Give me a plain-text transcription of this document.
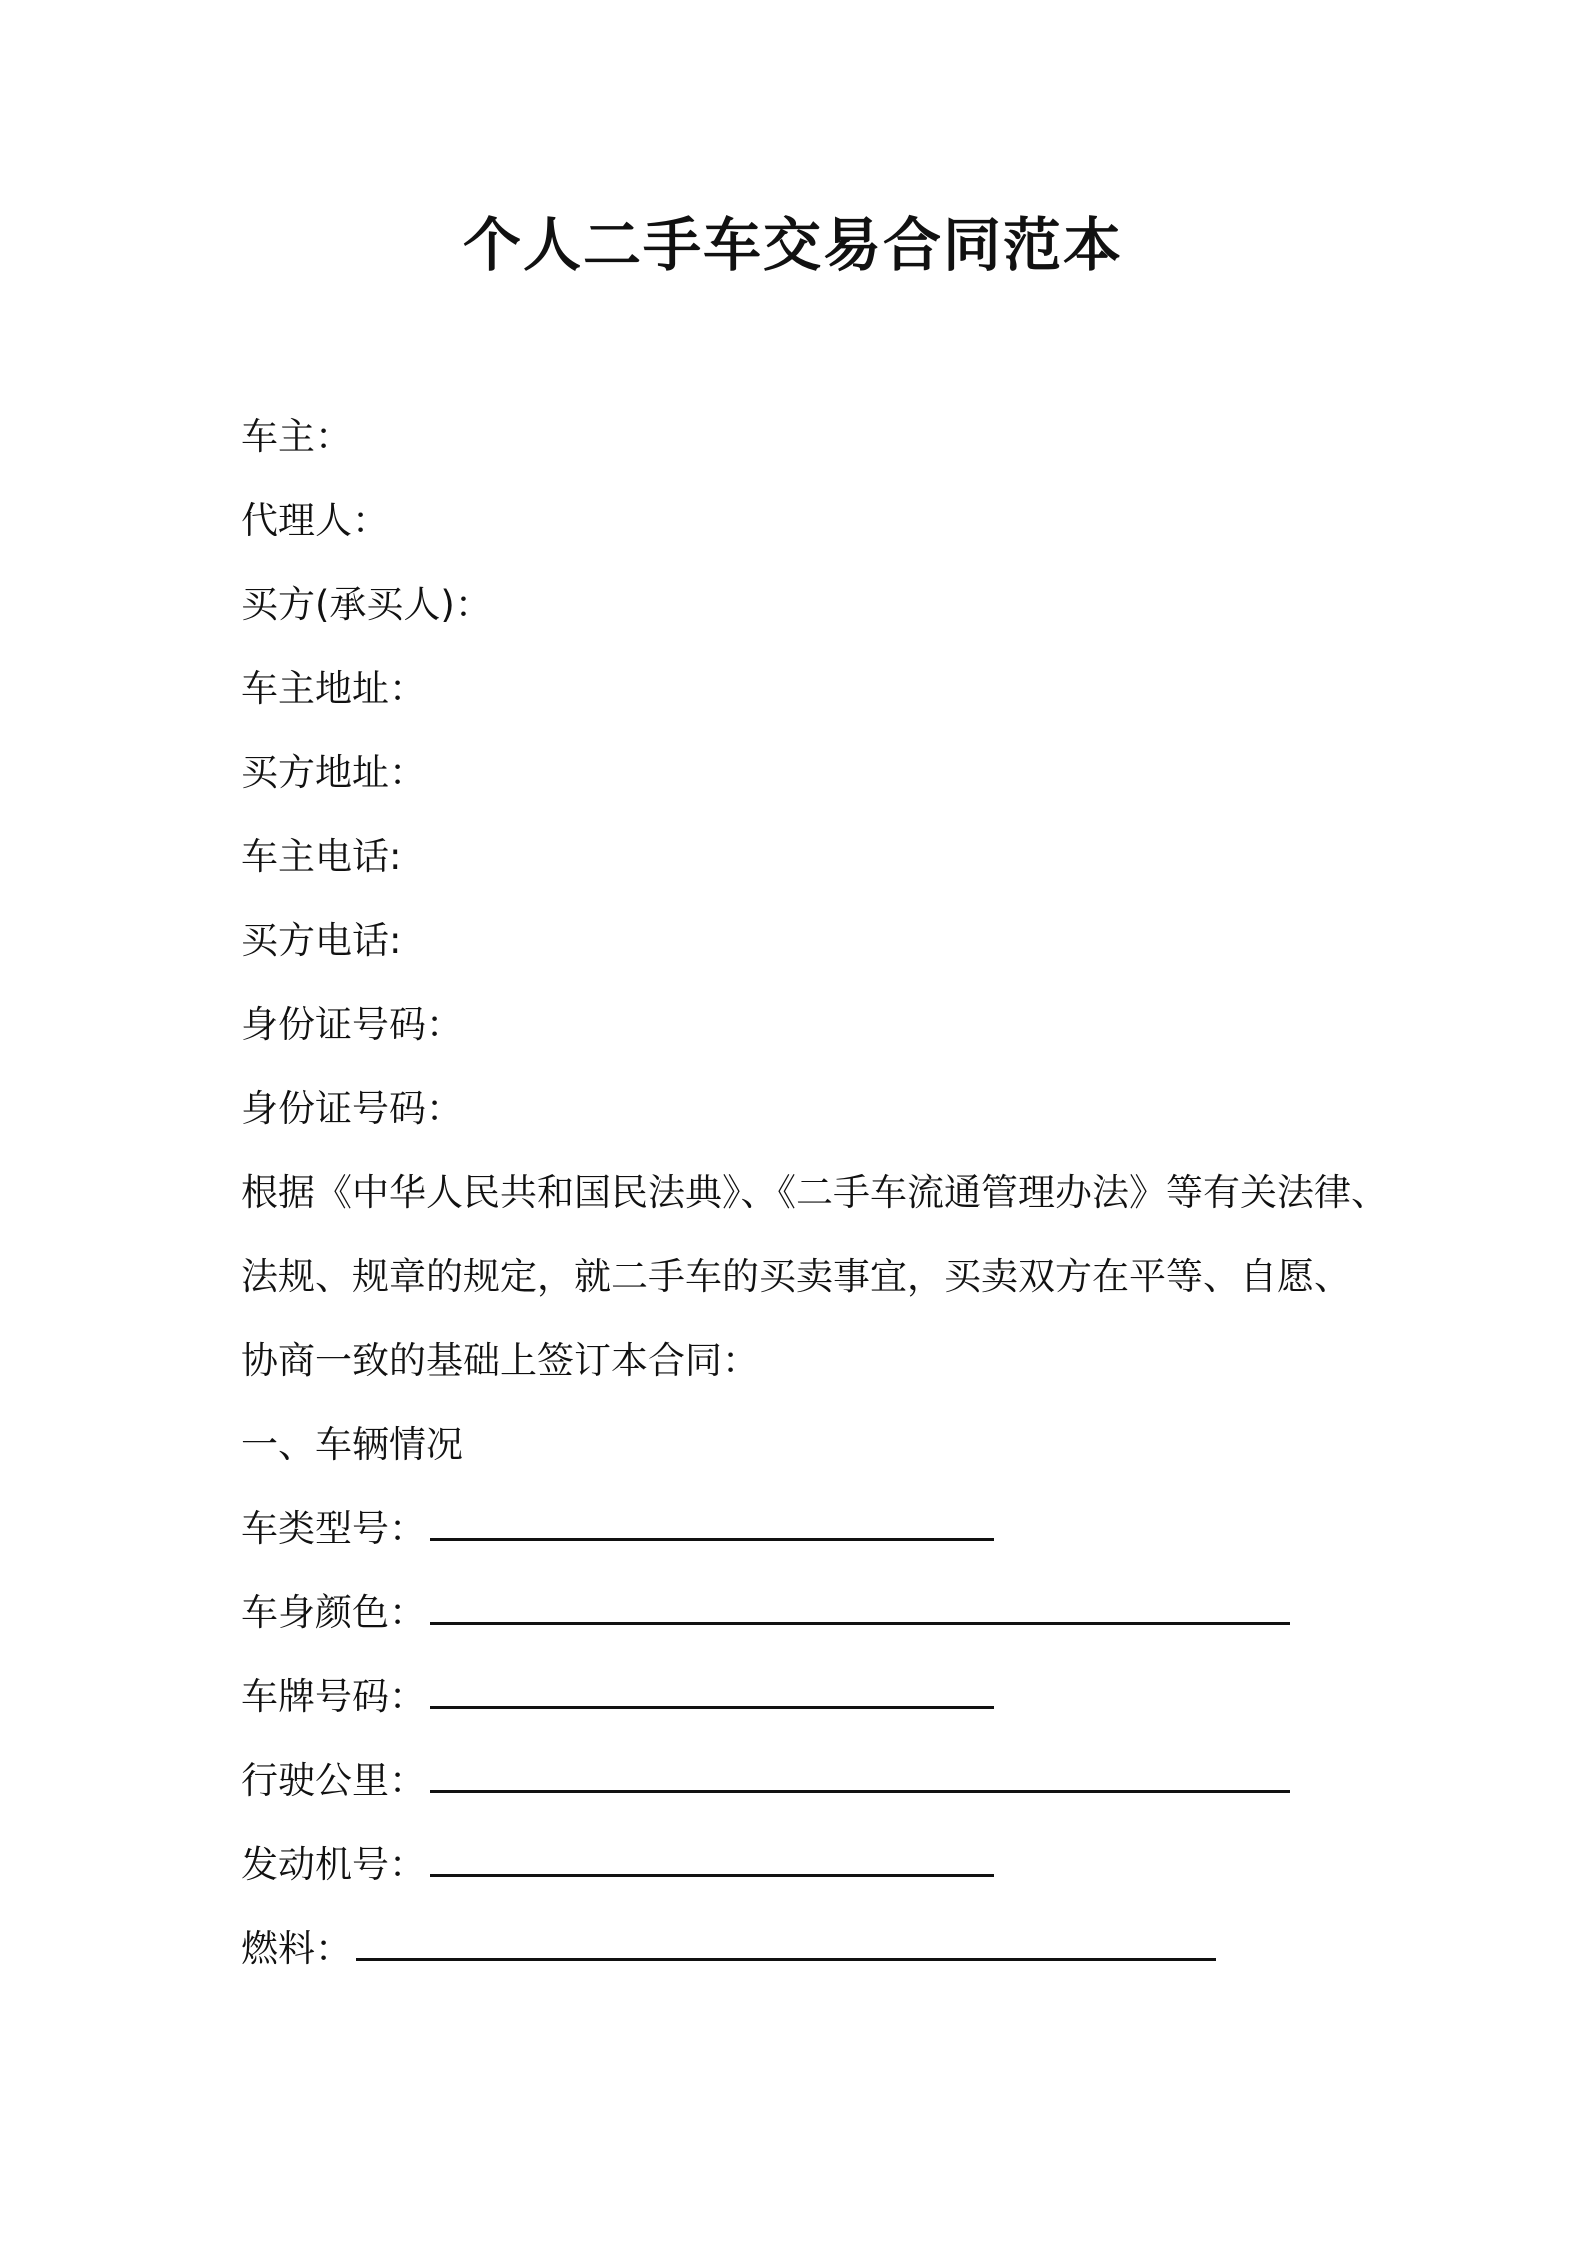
个人二手车交易合同范本

车主：

代理人：

买方(承买人)：

车主地址：

买方地址：

车主电话:

买方电话:

身份证号码：

身份证号码：

根据《中华人民共和国民法典》、《二手车流通管理办法》等有关法律、

法规、规章的规定，就二手车的买卖事宜，买卖双方在平等、自愿、

协商一致的基础上签订本合同：

一、车辆情况

车类型号：

车身颜色：

车牌号码：

行驶公里：

发动机号：

燃料：
